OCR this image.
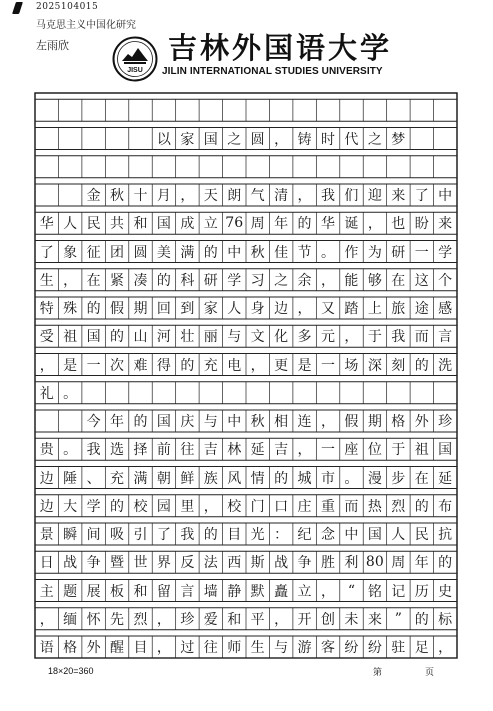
2025104015
马克思主义中国化研究
左雨欣
JISU
吉林外国语大学
JILIN INTERNATIONAL STUDIES UNIVERSITY
以 家 国 之 圆 ， 铸 时 代 之 梦
金 秋 十 月 ， 天 朗 气 清 ， 我 们 迎 来 了 中
华 人 民 共 和 国 成 立 76 周 年 的 华 诞 ， 也 盼 来
了 象 征 团 圆 美 满 的 中 秋 佳 节 。 作 为 研 一 学
生 ， 在 紧 凑 的 科 研 学 习 之 余 ， 能 够 在 这 个
特 殊 的 假 期 回 到 家 人 身 边 ， 又 踏 上 旅 途 感
受 祖 国 的 山 河 壮 丽 与 文 化 多 元 ， 于 我 而 言
， 是 一 次 难 得 的 充 电 ， 更 是 一 场 深 刻 的 洗
礼 。
今 年 的 国 庆 与 中 秋 相 连 ， 假 期 格 外 珍
贵 。 我 选 择 前 往 吉 林 延 吉 ， 一 座 位 于 祖 国
边 陲 、 充 满 朝 鲜 族 风 情 的 城 市 。 漫 步 在 延
边 大 学 的 校 园 里 ， 校 门 口 庄 重 而 热 烈 的 布
景 瞬 间 吸 引 了 我 的 目 光 ： 纪 念 中 国 人 民 抗
日 战 争 暨 世 界 反 法 西 斯 战 争 胜 利 80 周 年 的
主 题 展 板 和 留 言 墙 静 默 矗 立 ， “ 铭 记 历 史
， 缅 怀 先 烈 ， 珍 爱 和 平 ， 开 创 未 来 ” 的 标
语 格 外 醒 目 ， 过 往 师 生 与 游 客 纷 纷 驻 足 ，
18×20=360	第	页
